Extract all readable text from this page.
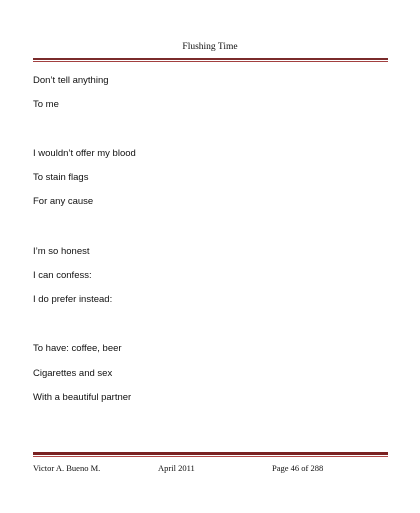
Flushing Time
Don’t tell anything
To me
I wouldn’t offer my blood
To stain flags
For any cause
I’m so honest
I can confess:
I do prefer instead:
To have: coffee, beer
Cigarettes and sex
With a beautiful partner
Victor A. Bueno M.	April 2011	Page 46 of 288
